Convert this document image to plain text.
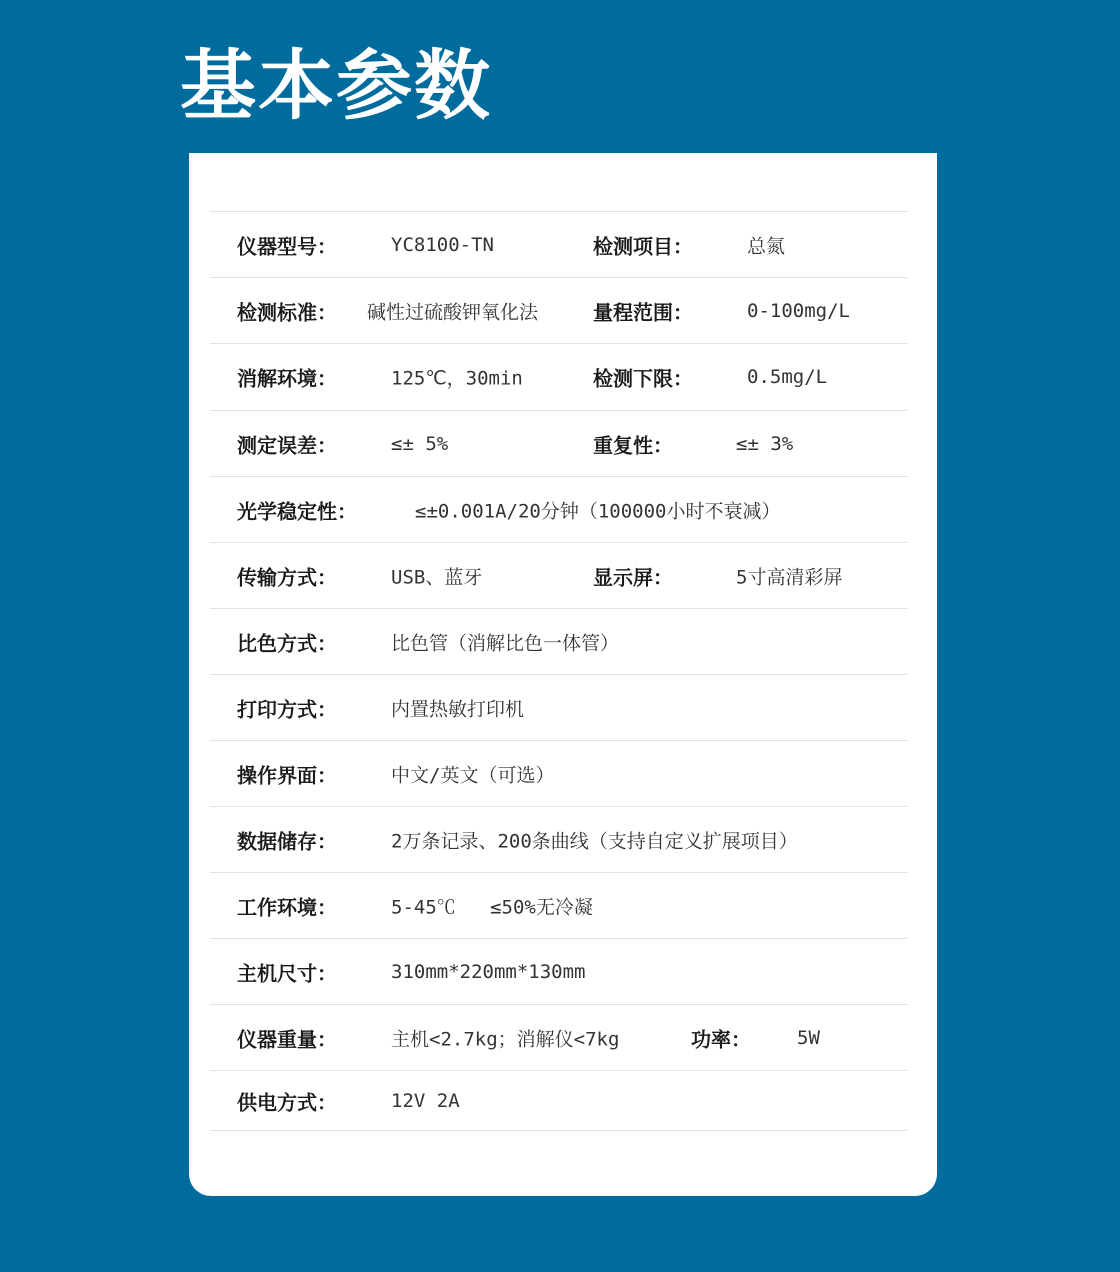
基本参数
仪器型号：	YC8100-TN	检测项目：	总氮
检测标准： 碱性过硫酸钾氧化法	量程范围：	0-100mg/L
消解环境：	125℃，30min	检测下限：	0.5mg/L
测定误差：	≤± 5%	重复性：	≤± 3%
光学稳定性：	≤±0.001A/20分钟（100000小时不衰减）
传输方式：	USB、蓝牙	显示屏：	5寸高清彩屏
比色方式：	比色管（消解比色一体管）
打印方式：	内置热敏打印机
操作界面：	中文/英文（可选）
数据储存：	2万条记录、200条曲线（支持自定义扩展项目）
工作环境：	5-45℃   ≤50%无冷凝
主机尺寸：	310mm*220mm*130mm
仪器重量：	主机<2.7kg；消解仪<7kg	功率： 5W
供电方式：	12V 2A
